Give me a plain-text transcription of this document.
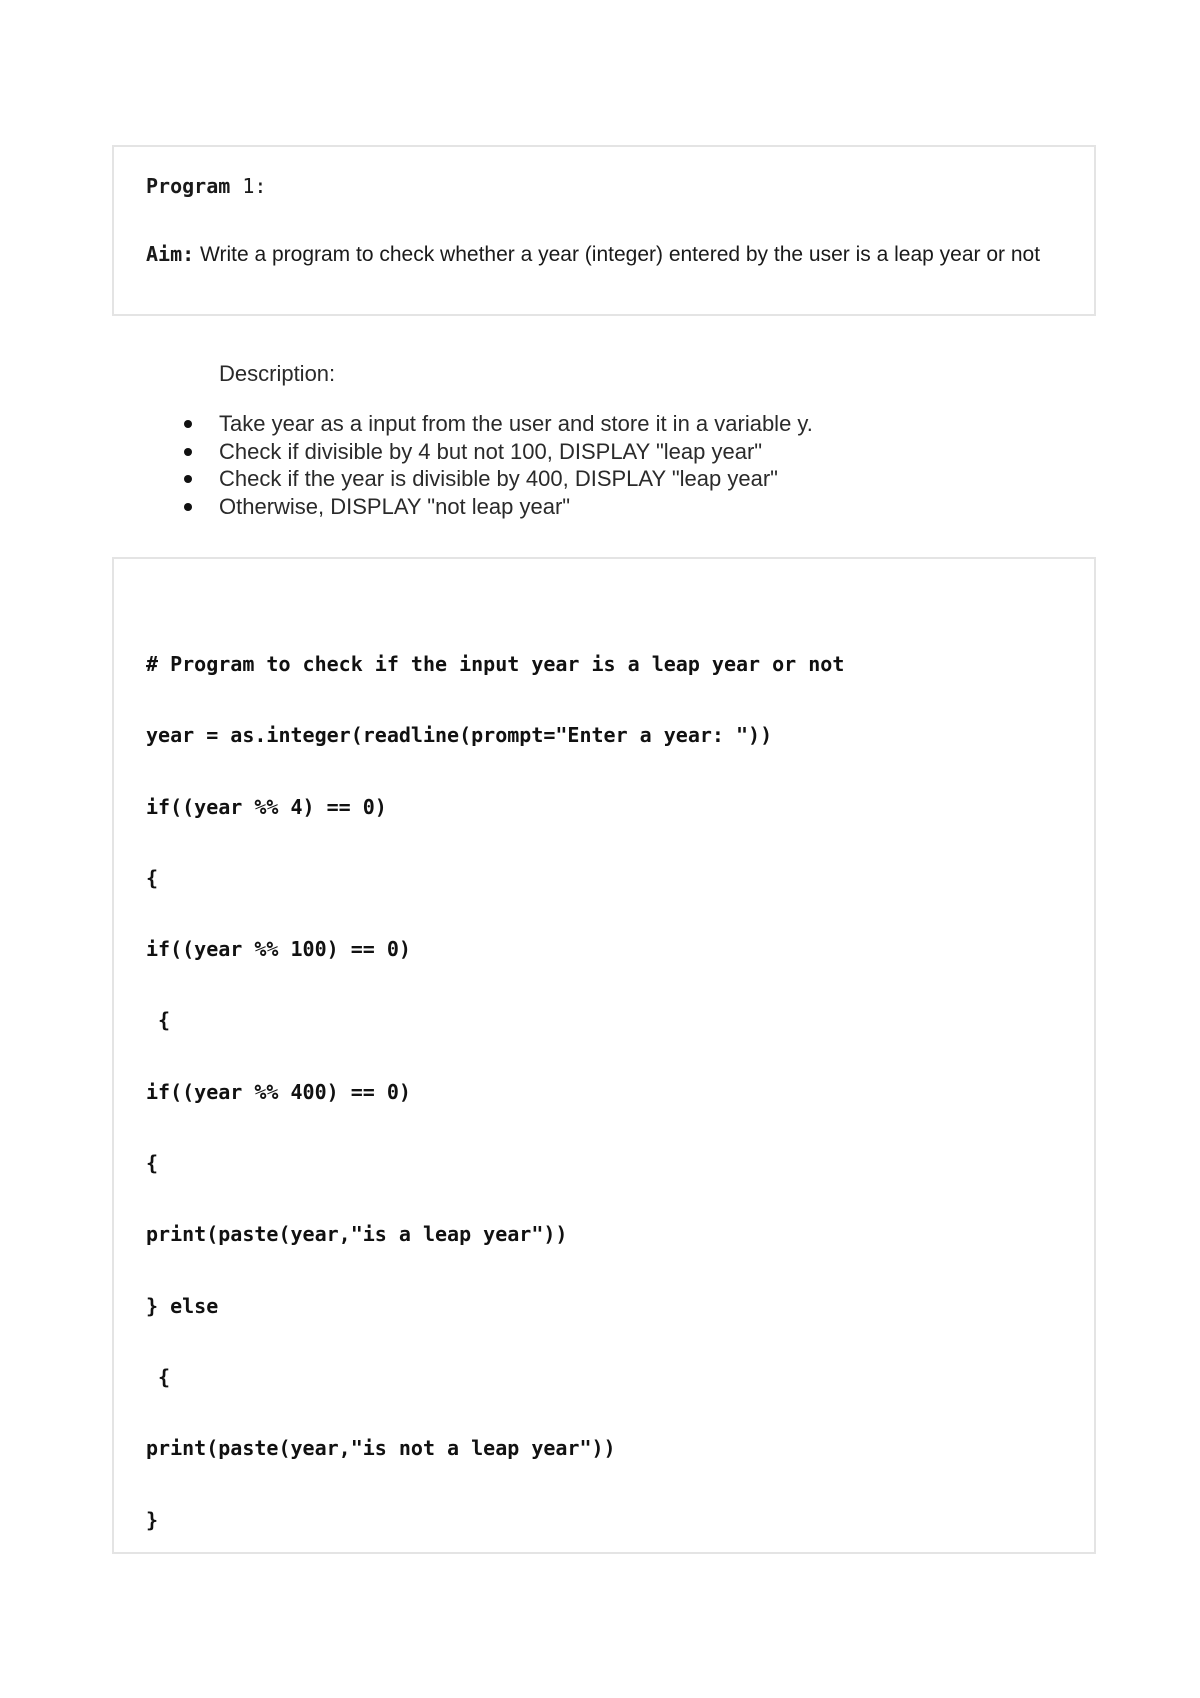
Program 1:
Aim: Write a program to check whether a year (integer) entered by the user is a leap year or not
Description:
Take year as a input from the user and store it in a variable y.
Check if divisible by 4 but not 100, DISPLAY "leap year"
Check if the year is divisible by 400, DISPLAY "leap year"
Otherwise, DISPLAY "not leap year"
# Program to check if the input year is a leap year or not
year = as.integer(readline(prompt="Enter a year: "))
if((year %% 4) == 0)
{
if((year %% 100) == 0)
{
if((year %% 400) == 0)
{
print(paste(year,"is a leap year"))
} else
{
print(paste(year,"is not a leap year"))
}
